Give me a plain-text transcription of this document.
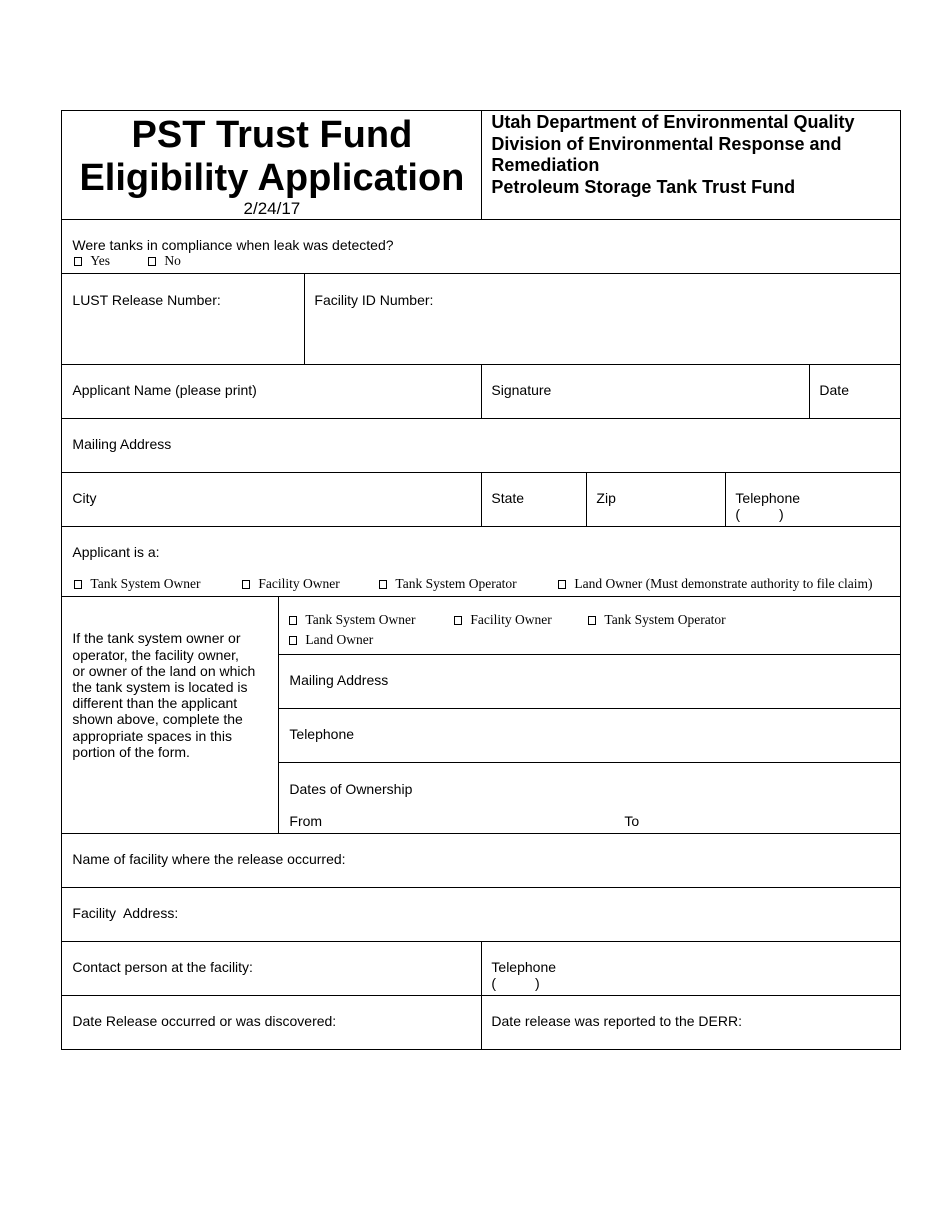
PST Trust Fund
Eligibility Application
2/24/17
Utah Department of Environmental Quality
Division of Environmental Response and
Remediation
Petroleum Storage Tank Trust Fund
Were tanks in compliance when leak was detected?
Yes	No
LUST Release Number:	Facility ID Number:
Applicant Name (please print)	Signature	Date
Mailing Address
City	State	Zip	Telephone
(          )
Applicant is a:
Tank System Owner	Facility Owner	Tank System Operator	Land Owner (Must demonstrate authority to file claim)
If the tank system owner or
operator, the facility owner,
or owner of the land on which
the tank system is located is
different than the applicant
shown above, complete the
appropriate spaces in this
portion of the form.
Tank System Owner	Facility Owner	Tank System Operator
Land Owner
Mailing Address
Telephone
Dates of Ownership
From	To
Name of facility where the release occurred:
Facility  Address:
Contact person at the facility:	Telephone
(          )
Date Release occurred or was discovered:	Date release was reported to the DERR:
